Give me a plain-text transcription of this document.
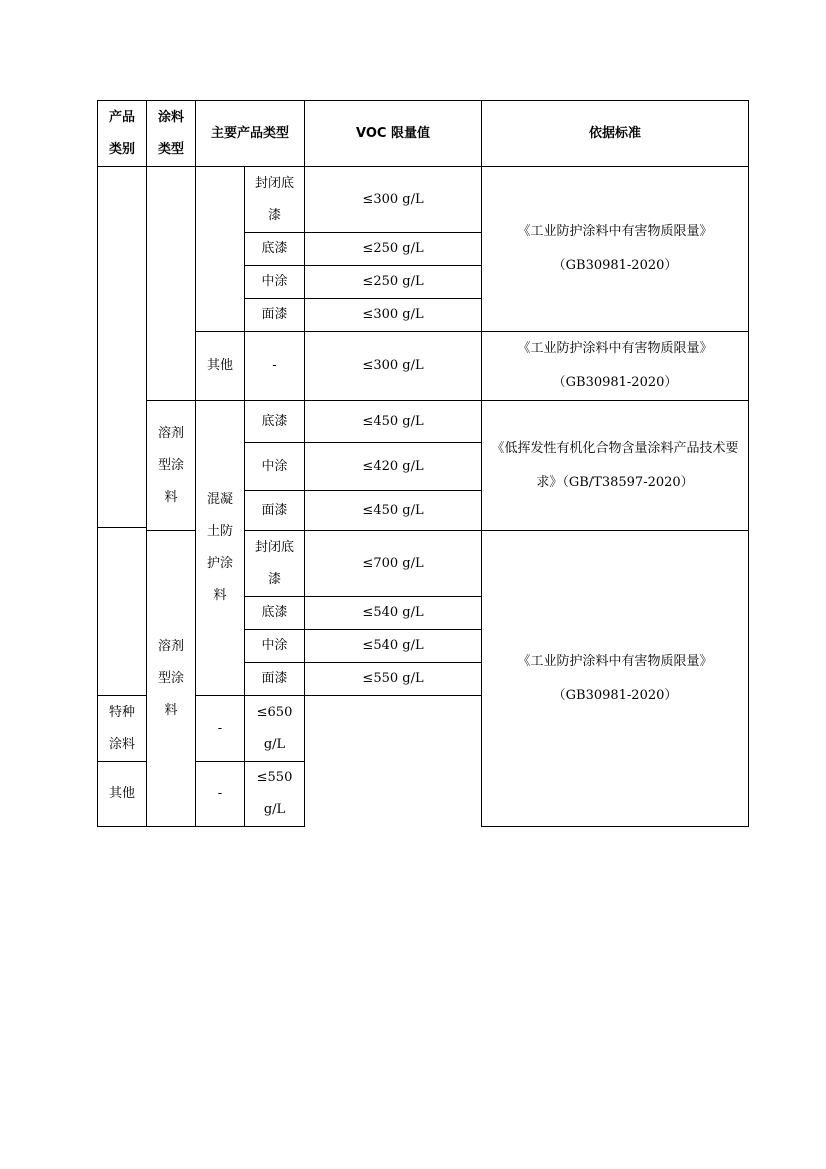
产品类别	涂料类型	主要产品类型		VOC 限量值	依据标准
			封闭底漆	≤300 g/L	《工业防护涂料中有害物质限量》
（GB30981-2020）

			底漆	≤250 g/L	
			中涂	≤250 g/L	
			面漆	≤300 g/L	
		其他	-	≤300 g/L	《工业防护涂料中有害物质限量》
（GB30981-2020）

	溶剂型涂料	混凝土防护涂料	底漆	≤450 g/L	《低挥发性有机化合物含量涂料产品技术要求》（GB/T38597-2020）

			中涂	≤420 g/L	
			面漆	≤450 g/L	
	溶剂型涂料		封闭底漆	≤700 g/L	《工业防护涂料中有害物质限量》
（GB30981-2020）

			底漆	≤540 g/L	
			中涂	≤540 g/L	
			面漆	≤550 g/L	
特种涂料		-	≤650 g/L		
其他		-	≤550 g/L		
